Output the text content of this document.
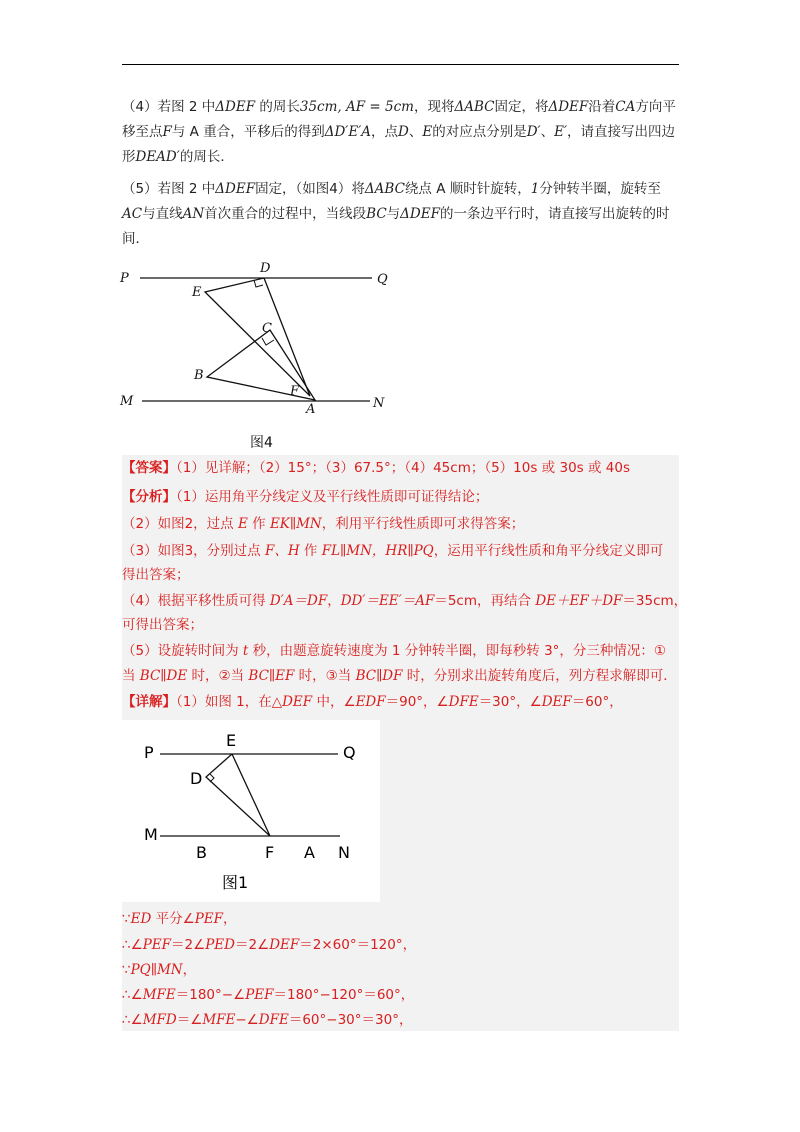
（4）若图 2 中ΔDEF 的周长35cm, AF = 5cm，现将ΔABC固定，将ΔDEF沿着CA方向平移至点F与 A 重合，平移后的得到ΔD′E′A，点D、E的对应点分别是D′、E′，请直接写出四边形DEAD′的周长．

（5）若图 2 中ΔDEF固定，（如图4）将ΔABC绕点 A 顺时针旋转，1分钟转半圈，旋转至AC与直线AN首次重合的过程中，当线段BC与ΔDEF的一条边平行时，请直接写出旋转的时间．

P	Q
D
E
C
B
F
M
A	N
图4
【答案】（1）见详解；（2）15°；（3）67.5°；（4）45cm；（5）10s 或 30s 或 40s
【分析】（1）运用角平分线定义及平行线性质即可证得结论；
（2）如图2，过点 E 作 EK∥MN，利用平行线性质即可求得答案；
（3）如图3，分别过点 F、H 作 FL∥MN，HR∥PQ，运用平行线性质和角平分线定义即可
得出答案；
（4）根据平移性质可得 D′A＝DF，DD′＝EE′＝AF＝5cm，再结合 DE＋EF＋DF＝35cm，
可得出答案；
（5）设旋转时间为 t 秒，由题意旋转速度为 1 分钟转半圈，即每秒转 3°，分三种情况：①
当 BC∥DE 时，②当 BC∥EF 时，③当 BC∥DF 时，分别求出旋转角度后，列方程求解即可．
【详解】（1）如图 1，在△DEF 中，∠EDF＝90°，∠DFE＝30°，∠DEF＝60°，
P
E
Q
D
M
B	F A N
图1
∵ED 平分∠PEF，
∴∠PEF＝2∠PED＝2∠DEF＝2×60°＝120°，
∵PQ∥MN，
∴∠MFE＝180°−∠PEF＝180°−120°＝60°，
∴∠MFD＝∠MFE−∠DFE＝60°−30°＝30°，
